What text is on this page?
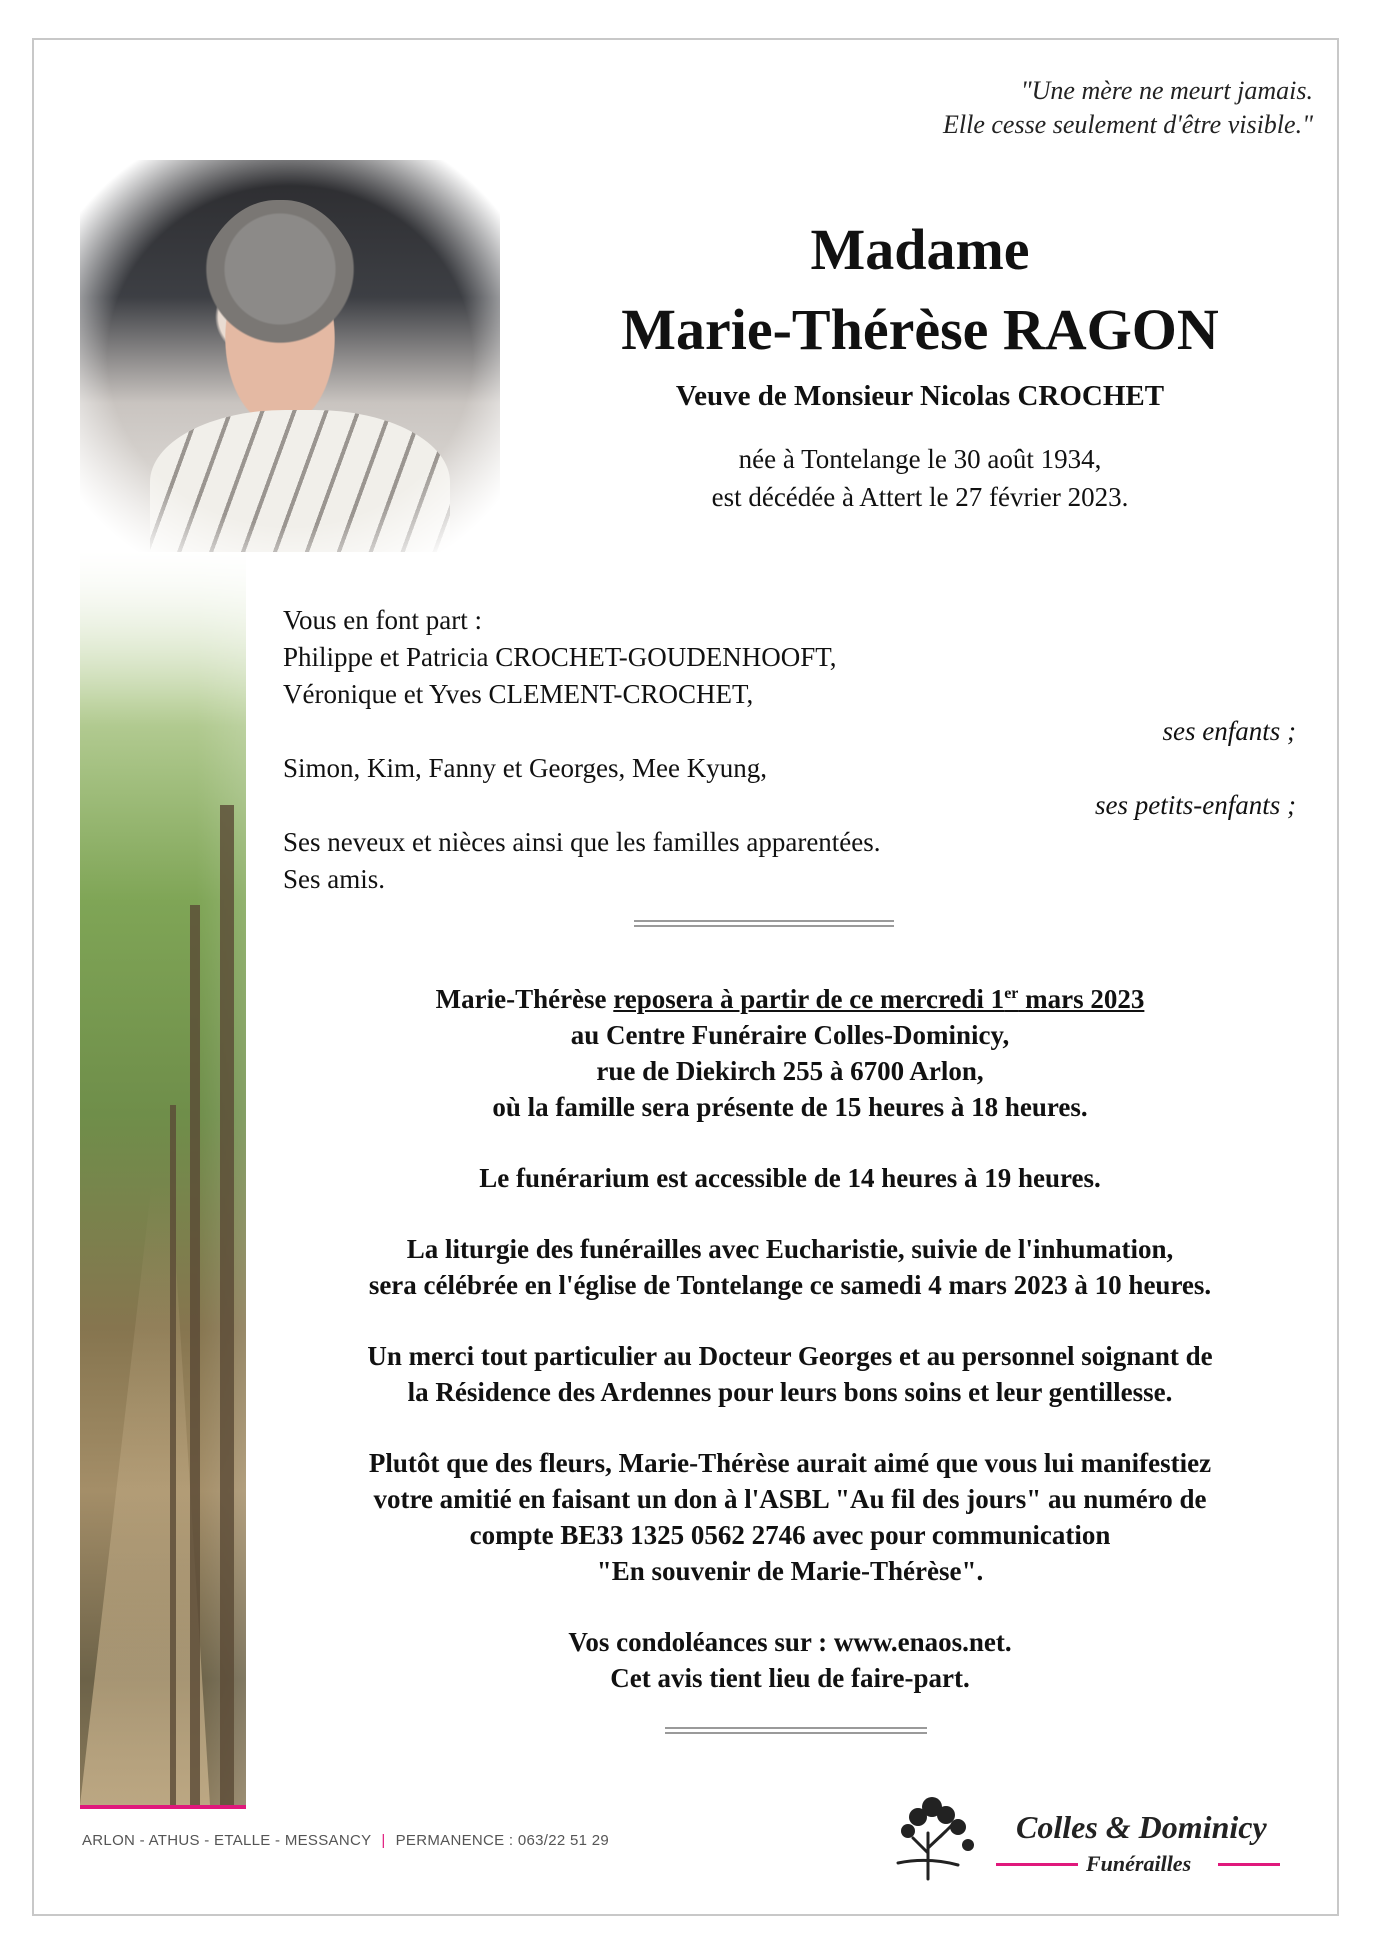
"Une mère ne meurt jamais.
Elle cesse seulement d'être visible."
Madame
Marie-Thérèse RAGON
Veuve de Monsieur Nicolas CROCHET
née à Tontelange le 30 août 1934,
est décédée à Attert le 27 février 2023.
Vous en font part :
Philippe et Patricia CROCHET-GOUDENHOOFT,
Véronique et Yves CLEMENT-CROCHET,
ses enfants ;
Simon, Kim, Fanny et Georges, Mee Kyung,
ses petits-enfants ;
Ses neveux et nièces ainsi que les familles apparentées.
Ses amis.

Marie-Thérèse reposera à partir de ce mercredi 1er mars 2023
au Centre Funéraire Colles-Dominicy,
rue de Diekirch 255 à 6700 Arlon,
où la famille sera présente de 15 heures à 18 heures.

Le funérarium est accessible de 14 heures à 19 heures.

La liturgie des funérailles avec Eucharistie, suivie de l'inhumation,
sera célébrée en l'église de Tontelange ce samedi 4 mars 2023 à 10 heures.

Un merci tout particulier au Docteur Georges et au personnel soignant de
la Résidence des Ardennes pour leurs bons soins et leur gentillesse.

Plutôt que des fleurs, Marie-Thérèse aurait aimé que vous lui manifestiez
votre amitié en faisant un don à l'ASBL "Au fil des jours" au numéro de
compte BE33 1325 0562 2746 avec pour communication
"En souvenir de Marie-Thérèse".

Vos condoléances sur : www.enaos.net.
Cet avis tient lieu de faire-part.

ARLON - ATHUS - ETALLE - MESSANCY | PERMANENCE : 063/22 51 29	Colles & Dominicy
Funérailles
